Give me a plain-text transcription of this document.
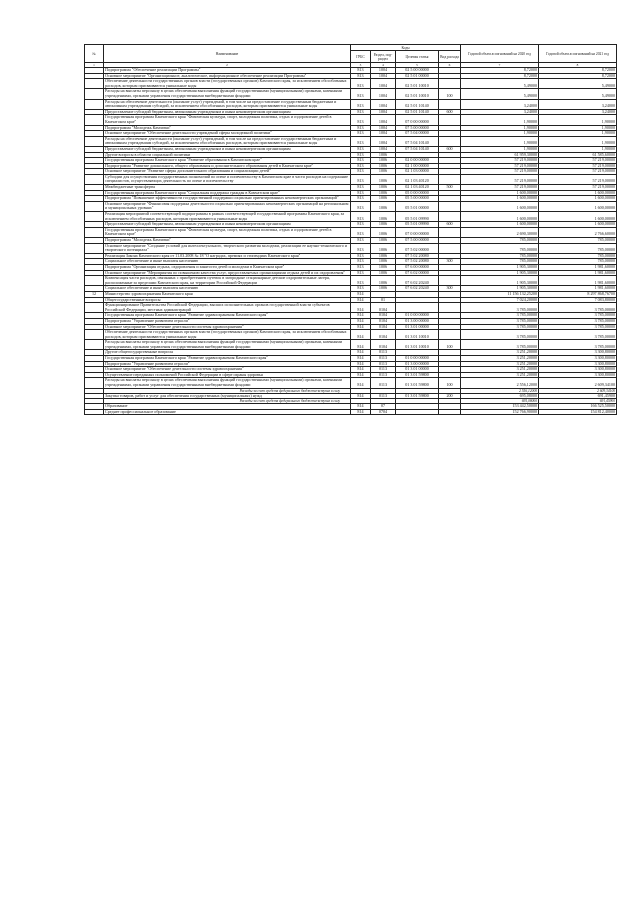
№	Наименование	Коды				Годовой объем ассигнований на 2020 год	Годовой объем ассигнований на 2021 год
		ГРБС	Раздел, под- раздел	Целевая статья	Вид расхода		
1	2	3	4	5	6	7	8
	Подпрограмма "Обеспечение реализации Программы"	813	1004	02 5 00 00000		8,72000	8,72000
	Основное мероприятие "Организационное, аналитическое, информационное обеспечение реализации Программы"	813	1004	02 5 01 00000		8,72000	8,72000
	Обеспечение деятельности государственных органов власти (государственных органов) Камчатского края, за исключением обособленных расходов, которым присваиваются уникальные коды	813	1004	02 5 01 10010		5,49000	5,49000
	Расходы на выплаты персоналу в целях обеспечения выполнения функций государственными (муниципальными) органами, казенными учреждениями, органами управления государственными внебюджетными фондами	813	1004	02 5 01 10010	100	5,49000	5,49000
	Расходы на обеспечение деятельности (оказание услуг) учреждений, в том числе на предоставление государственным бюджетным и автономным учреждениям субсидий, за исключением обособленных расходов, которым присваиваются уникальные коды	813	1004	02 5 01 10140		3,24000	3,24000
	Предоставление субсидий бюджетным, автономным учреждениям и иным некоммерческим организациям	813	1004	02 5 01 10140	600	3,24000	3,24000
	Государственная программа Камчатского края "Физическая культура, спорт, молодежная политика, отдых и оздоровление детей в Камчатском крае"	813	1004	07 0 00 00000		1,90000	1,90000
	Подпрограмма "Молодежь Камчатки"	813	1004	07 5 00 00000		1,90000	1,90000
	Основное мероприятие "Обеспечение деятельности учреждений сферы молодежной политики"	813	1004	07 5 04 00000		1,90000	1,90000
	Расходы на обеспечение деятельности (оказание услуг) учреждений, в том числе на предоставление государственным бюджетным и автономным учреждениям субсидий, за исключением обособленных расходов, которым присваиваются уникальные коды	813	1004	07 5 04 10140		1,90000	1,90000
	Предоставление субсидий бюджетным, автономным учреждениям и иным некоммерческим организациям	813	1004	07 5 04 10140	600	1,90000	1,90000
	Другие вопросы в области социальной политики	813	1006			61 959,30000	61 585,60000
	Государственная программа Камчатского края "Развитие образования в Камчатском крае"	813	1006	02 0 00 00000		57 219,00000	57 219,00000
	Подпрограмма "Развитие дошкольного, общего образования и дополнительного образования детей в Камчатском крае"	813	1006	02 1 00 00000		57 219,00000	57 219,00000
	Основное мероприятие "Развитие сферы дополнительного образования и социализации детей"	813	1006	02 1 03 00000		57 219,00000	57 219,00000
	Субсидии для осуществления государственных полномочий по опеке и попечительству в Камчатском крае в части расходов на содержание специалистов, осуществляющих деятельность по опеке и попечительству	813	1006	02 1 03 40120		57 219,00000	57 219,00000
	Межбюджетные трансферты	813	1006	02 1 03 40120	500	57 219,00000	57 219,00000
	Государственная программа Камчатского края "Социальная поддержка граждан в Камчатском крае"	813	1006	05 0 00 00000		1 600,00000	1 600,00000
	Подпрограмма "Повышение эффективности государственной поддержки социально ориентированных некоммерческих организаций"	813	1006	05 5 00 00000		1 600,00000	1 600,00000
	Основное мероприятие "Финансовая поддержка деятельности социально ориентированных некоммерческих организаций на региональном и муниципальных уровнях"	813	1006	05 5 01 00000		1 600,00000	1 600,00000
	Реализация мероприятий соответствующей подпрограммы в рамках соответствующей государственной программы Камчатского края, за исключением обособленных расходов, которым присваиваются уникальные коды	813	1006	05 5 01 09990		1 600,00000	1 600,00000
	Предоставление субсидий бюджетным, автономным учреждениям и иным некоммерческим организациям	813	1006	05 5 01 09990	600	1 600,00000	1 600,00000
	Государственная программа Камчатского края "Физическая культура, спорт, молодежная политика, отдых и оздоровление детей в Камчатском крае"	813	1006	07 0 00 00000		2 690,30000	2 766,60000
	Подпрограмма "Молодежь Камчатки"	813	1006	07 5 00 00000		785,00000	785,00000
	Основное мероприятие "Создание условий для интеллектуального, творческого развития молодежи, реализации ее научно-технического и творческого потенциала"	813	1006	07 5 02 00000		785,00000	785,00000
	Реализация Закона Камчатского края от 11.03.2008 № 18 "О наградах, премиях и стипендиях Камчатского края"	813	1006	07 5 02 20080		785,00000	785,00000
	Социальное обеспечение и иные выплаты населению	813	1006	07 5 02 20080	300	785,00000	785,00000
	Подпрограмма "Организация отдыха, оздоровления и занятости детей и молодежи в Камчатском крае"	813	1006	07 6 00 00000		1 905,30000	1 981,60000
	Основное мероприятие "Мероприятия по повышению качества услуг, предоставляемых организациями отдыха детей и их оздоровления"	813	1006	07 6 02 00000		1 905,30000	1 981,60000
	Компенсация части расходов, связанных с приобретением путевок в загородные стационарные детские оздоровительные лагеря, расположенные за пределами Камчатского края, на территории Российской Федерации	813	1006	07 6 02 20240		1 905,30000	1 981,60000
	Социальное обеспечение и иные выплаты населению	813	1006	07 6 02 20240	300	1 905,30000	1 981,60000
12	Министерство здравоохранения Камчатского края	814				11 156 132,25200	8 297 868,76700
	Общегосударственные вопросы	814	01			7 024,20000	7 083,80000
	Функционирование Правительства Российской Федерации, высших исполнительных органов государственной власти субъектов Российской Федерации, местных администраций	814	0104			3 785,00000	3 785,00000
	Государственная программа Камчатского края "Развитие здравоохранения Камчатского края"	814	0104	01 0 00 00000		3 785,00000	3 785,00000
	Подпрограмма "Управление развитием отрасли"	814	0104	01 3 00 00000		3 785,00000	3 785,00000
	Основное мероприятие "Обеспечение деятельности системы здравоохранения"	814	0104	01 3 01 00000		3 785,00000	3 785,00000
	Обеспечение деятельности государственных органов власти (государственных органов) Камчатского края, за исключением обособленных расходов, которым присваиваются уникальные коды	814	0104	01 3 01 10010		3 785,00000	3 785,00000
	Расходы на выплаты персоналу в целях обеспечения выполнения функций государственными (муниципальными) органами, казенными учреждениями, органами управления государственными внебюджетными фондами	814	0104	01 3 01 10010	100	3 785,00000	3 785,00000
	Другие общегосударственные вопросы	814	0113			3 251,20000	3 300,80000
	Государственная программа Камчатского края "Развитие здравоохранения Камчатского края"	814	0113	01 0 00 00000		3 251,20000	3 300,80000
	Подпрограмма "Управление развитием отрасли"	814	0113	01 3 00 00000		3 251,20000	3 300,80000
	Основное мероприятие "Обеспечение деятельности системы здравоохранения"	814	0113	01 3 01 00000		3 251,20000	3 300,80000
	Осуществление переданных полномочий Российской Федерации в сфере охраны здоровья	814	0113	01 3 01 59800		3 251,20000	3 300,80000
	Расходы на выплаты персоналу в целях обеспечения выполнения функций государственными (муниципальными) органами, казенными учреждениями, органами управления государственными внебюджетными фондами	814	0113	01 3 01 59800	100	2 556,12000	2 609,34100
	Расходы за счет средств федерального бюджета-вступил в силу					2 556,12000	2 609,34100
	Закупка товаров, работ и услуг для обеспечения государственных (муниципальных) нужд	814	0113	01 3 01 59800	200	695,08000	691,45900
	Расходы за счет средств федерального бюджета-вступил в силу					695,08000	691,45900
	Образование	814	07			153 442,50000	166 525,50000
	Среднее профессиональное образование	814	0704			152 766,90000	154 812,40000
